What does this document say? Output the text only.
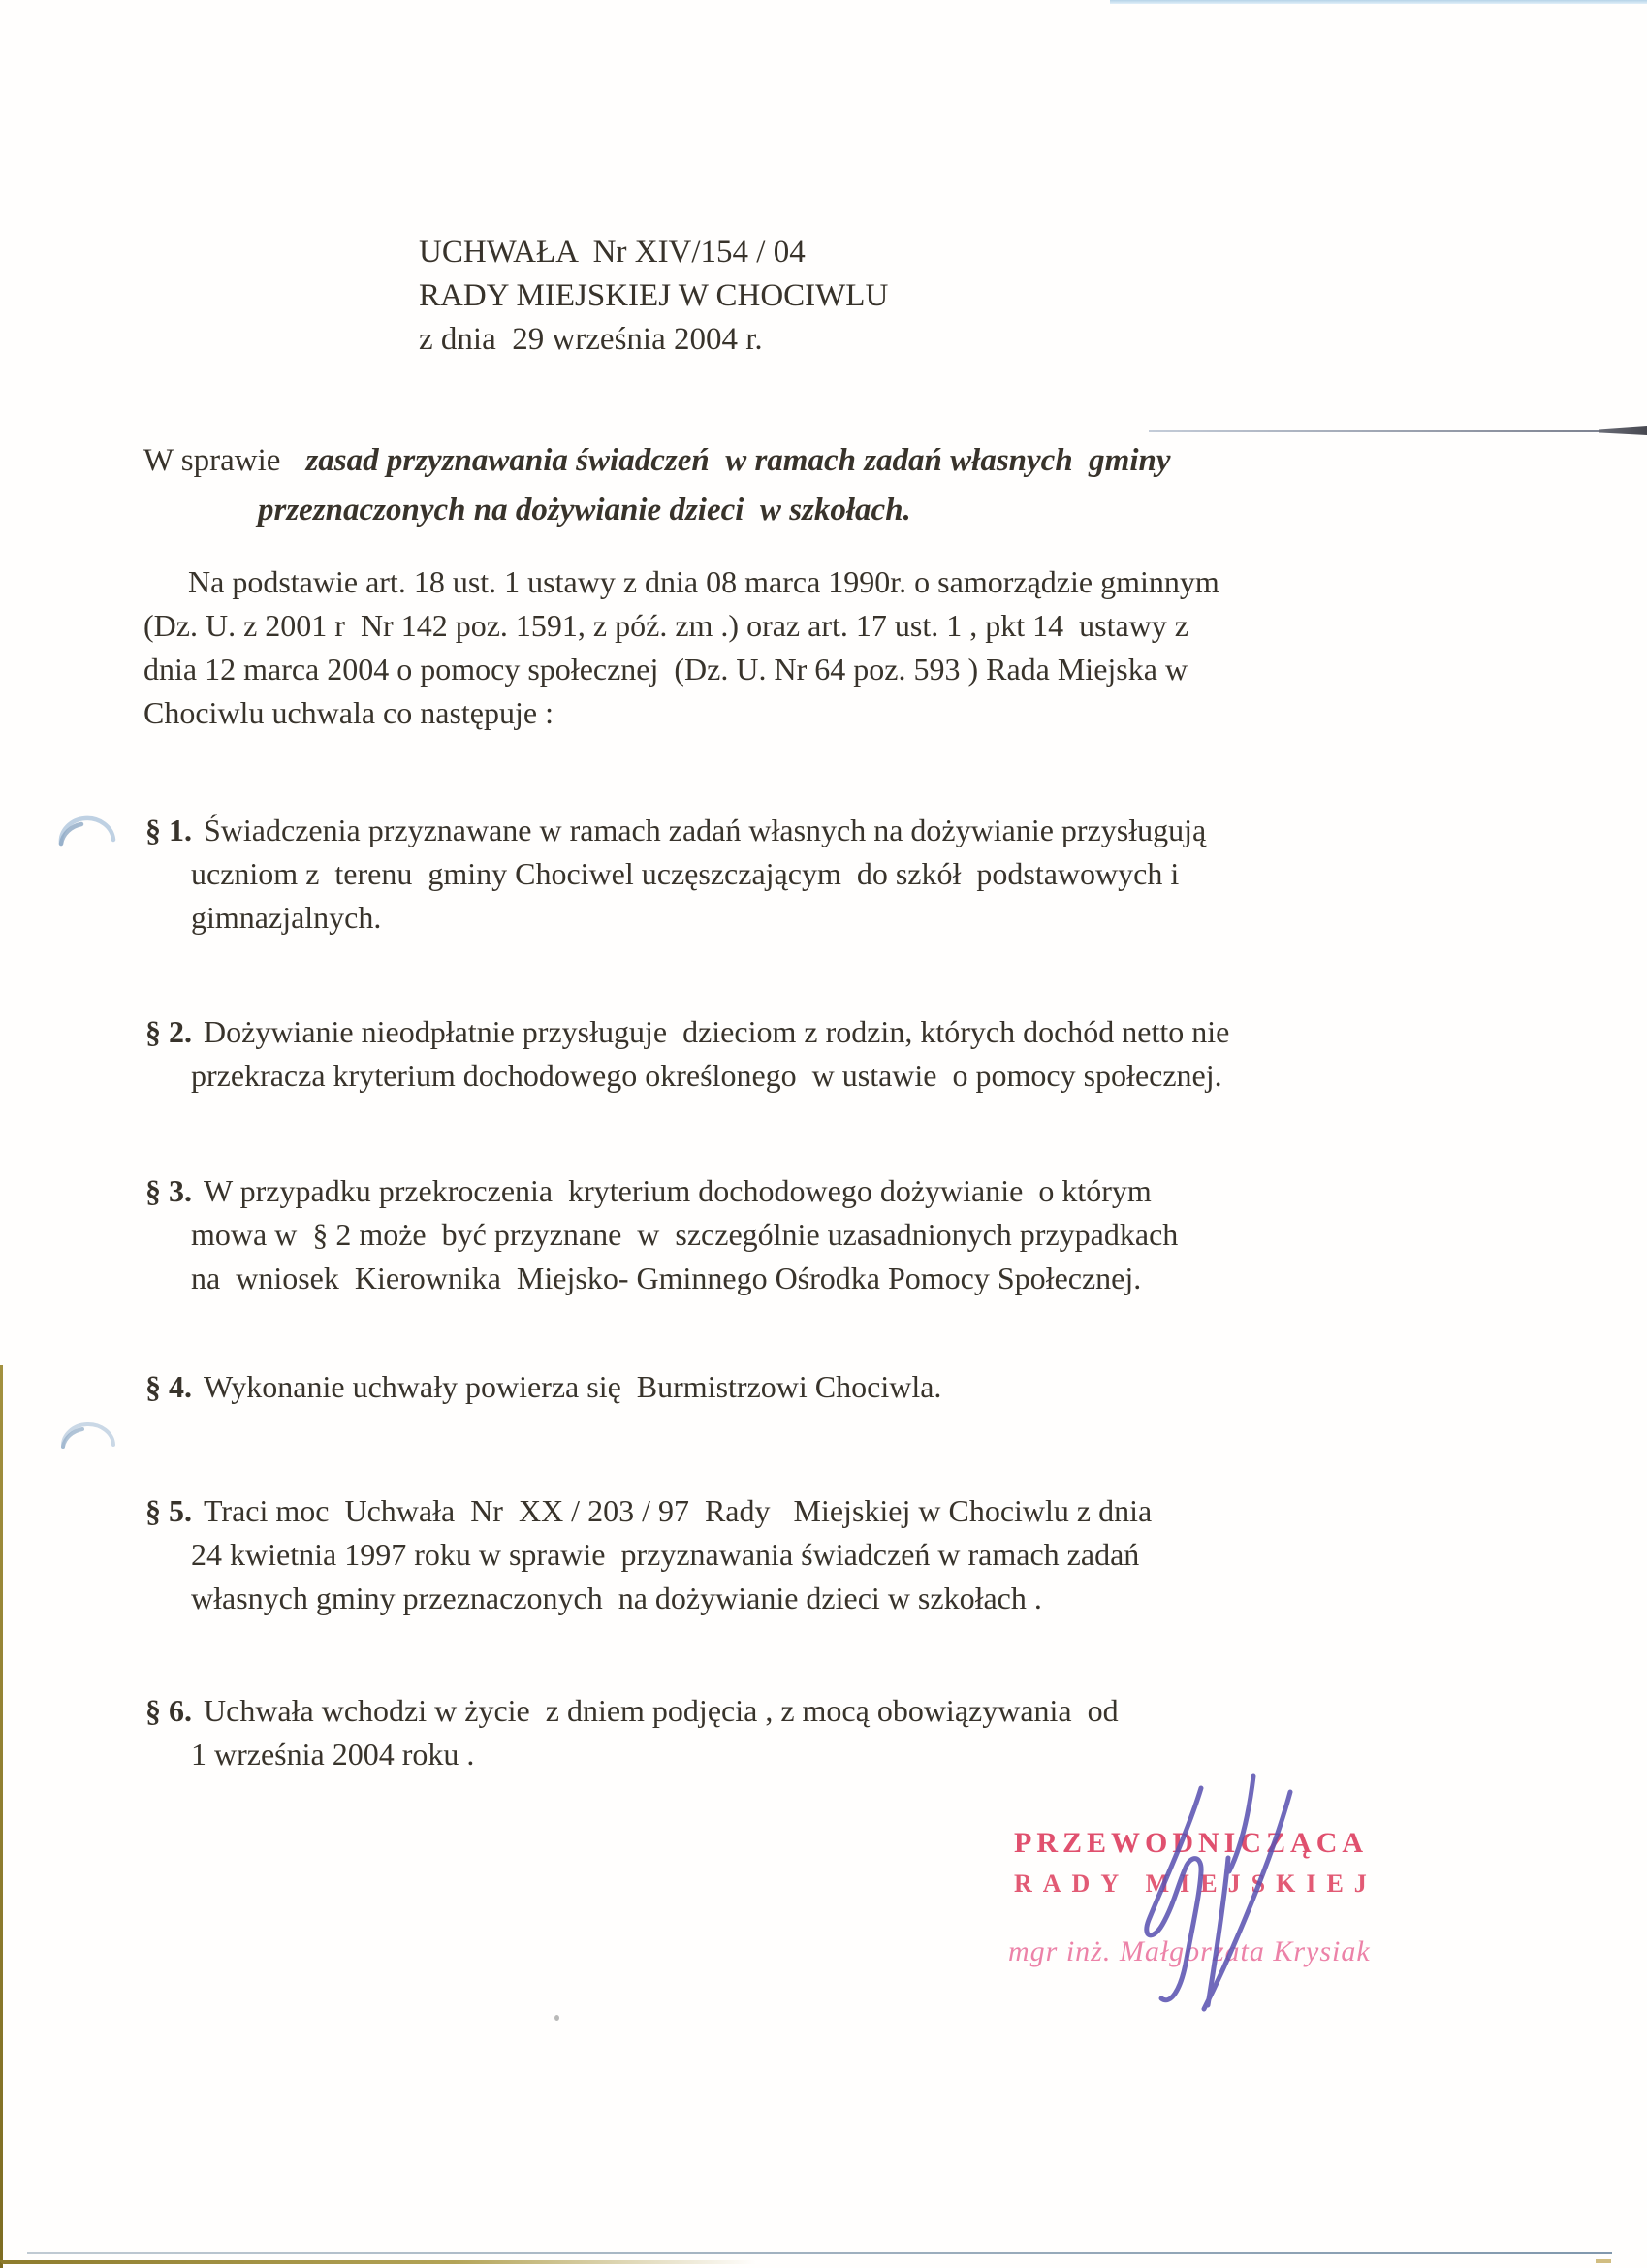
UCHWAŁA  Nr XIV/154 / 04
RADY MIEJSKIEJ W CHOCIWLU
z dnia  29 września 2004 r.
W sprawie zasad przyznawania świadczeń  w ramach zadań własnych  gminy
przeznaczonych na dożywianie dzieci  w szkołach.
Na podstawie art. 18 ust. 1 ustawy z dnia 08 marca 1990r. o samorządzie gminnym
(Dz. U. z 2001 r  Nr 142 poz. 1591, z póź. zm .) oraz art. 17 ust. 1 , pkt 14  ustawy z
dnia 12 marca 2004 o pomocy społecznej  (Dz. U. Nr 64 poz. 593 ) Rada Miejska w
Chociwlu uchwala co następuje :
§ 1. Świadczenia przyznawane w ramach zadań własnych na dożywianie przysługują
uczniom z  terenu  gminy Chociwel uczęszczającym  do szkół  podstawowych i
gimnazjalnych.
§ 2. Dożywianie nieodpłatnie przysługuje  dzieciom z rodzin, których dochód netto nie
przekracza kryterium dochodowego określonego  w ustawie  o pomocy społecznej.
§ 3. W przypadku przekroczenia  kryterium dochodowego dożywianie  o którym
mowa w  § 2 może  być przyznane  w  szczególnie uzasadnionych przypadkach
na  wniosek  Kierownika  Miejsko- Gminnego Ośrodka Pomocy Społecznej.
§ 4. Wykonanie uchwały powierza się  Burmistrzowi Chociwla.
§ 5. Traci moc  Uchwała  Nr  XX / 203 / 97  Rady   Miejskiej w Chociwlu z dnia
24 kwietnia 1997 roku w sprawie  przyznawania świadczeń w ramach zadań
własnych gminy przeznaczonych  na dożywianie dzieci w szkołach .
§ 6. Uchwała wchodzi w życie  z dniem podjęcia , z mocą obowiązywania  od
1 września 2004 roku .
PRZEWODNICZĄCA
RADY MIEJSKIEJ
mgr inż. Małgorzata Krysiak
